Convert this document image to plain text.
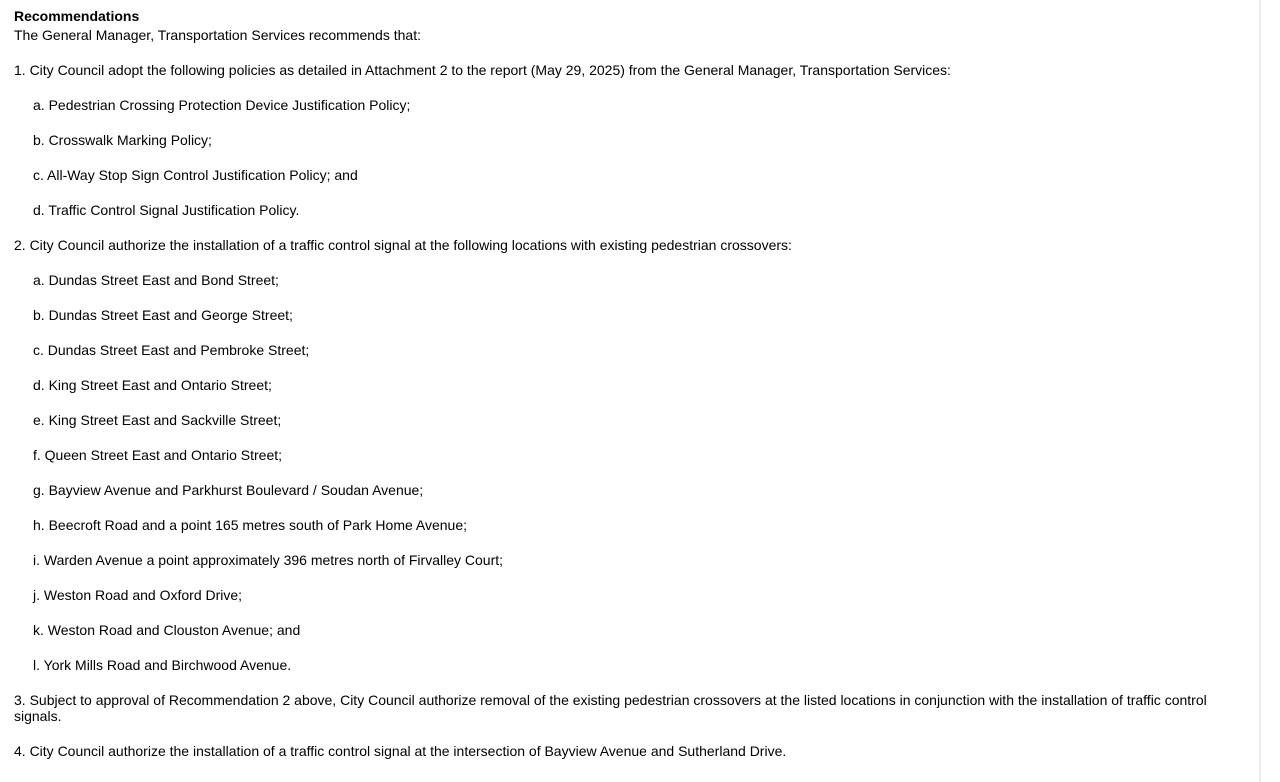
Recommendations

The General Manager, Transportation Services recommends that:

1. City Council adopt the following policies as detailed in Attachment 2 to the report (May 29, 2025) from the General Manager, Transportation Services:

a. Pedestrian Crossing Protection Device Justification Policy;

b. Crosswalk Marking Policy;

c. All-Way Stop Sign Control Justification Policy; and

d. Traffic Control Signal Justification Policy.

2. City Council authorize the installation of a traffic control signal at the following locations with existing pedestrian crossovers:

a. Dundas Street East and Bond Street;

b. Dundas Street East and George Street;

c. Dundas Street East and Pembroke Street;

d. King Street East and Ontario Street;

e. King Street East and Sackville Street;

f. Queen Street East and Ontario Street;

g. Bayview Avenue and Parkhurst Boulevard / Soudan Avenue;

h. Beecroft Road and a point 165 metres south of Park Home Avenue;

i. Warden Avenue a point approximately 396 metres north of Firvalley Court;

j. Weston Road and Oxford Drive;

k. Weston Road and Clouston Avenue; and

l. York Mills Road and Birchwood Avenue.

3. Subject to approval of Recommendation 2 above, City Council authorize removal of the existing pedestrian crossovers at the listed locations in conjunction with the installation of traffic control signals.

4. City Council authorize the installation of a traffic control signal at the intersection of Bayview Avenue and Sutherland Drive.
